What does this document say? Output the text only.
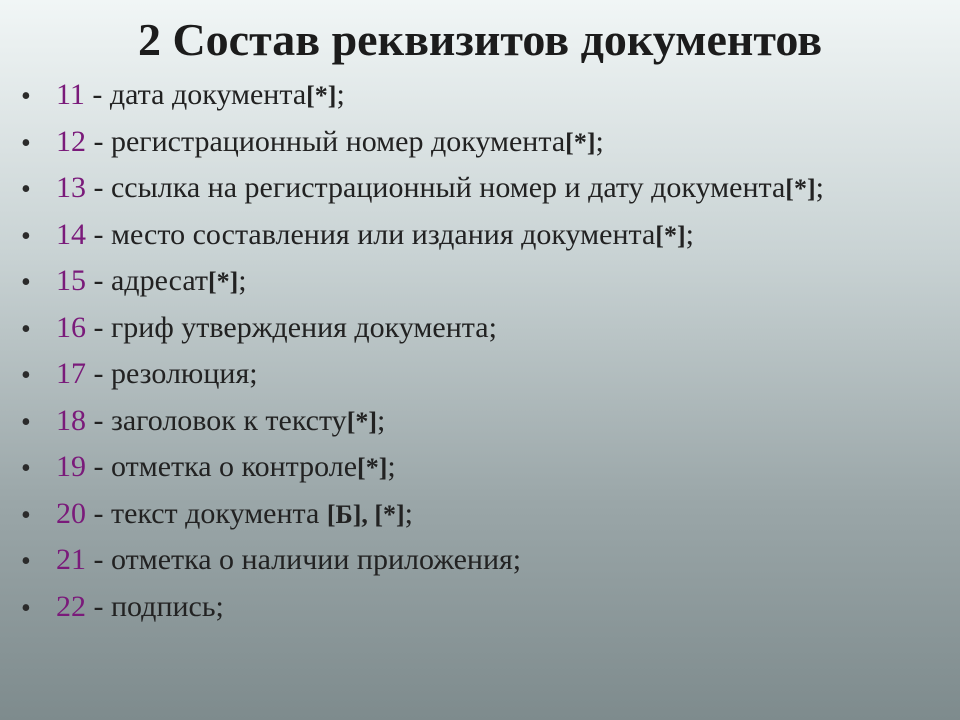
2 Состав реквизитов документов
• 11 - дата документа[*];
• 12 - регистрационный номер документа[*];
• 13 - ссылка на регистрационный номер и дату документа[*];
• 14 - место составления или издания документа[*];
• 15 - адресат[*];
• 16 - гриф утверждения документа;
• 17 - резолюция;
• 18 - заголовок к тексту[*];
• 19 - отметка о контроле[*];
• 20 - текст документа [Б], [*];
• 21 - отметка о наличии приложения;
• 22 - подпись;
